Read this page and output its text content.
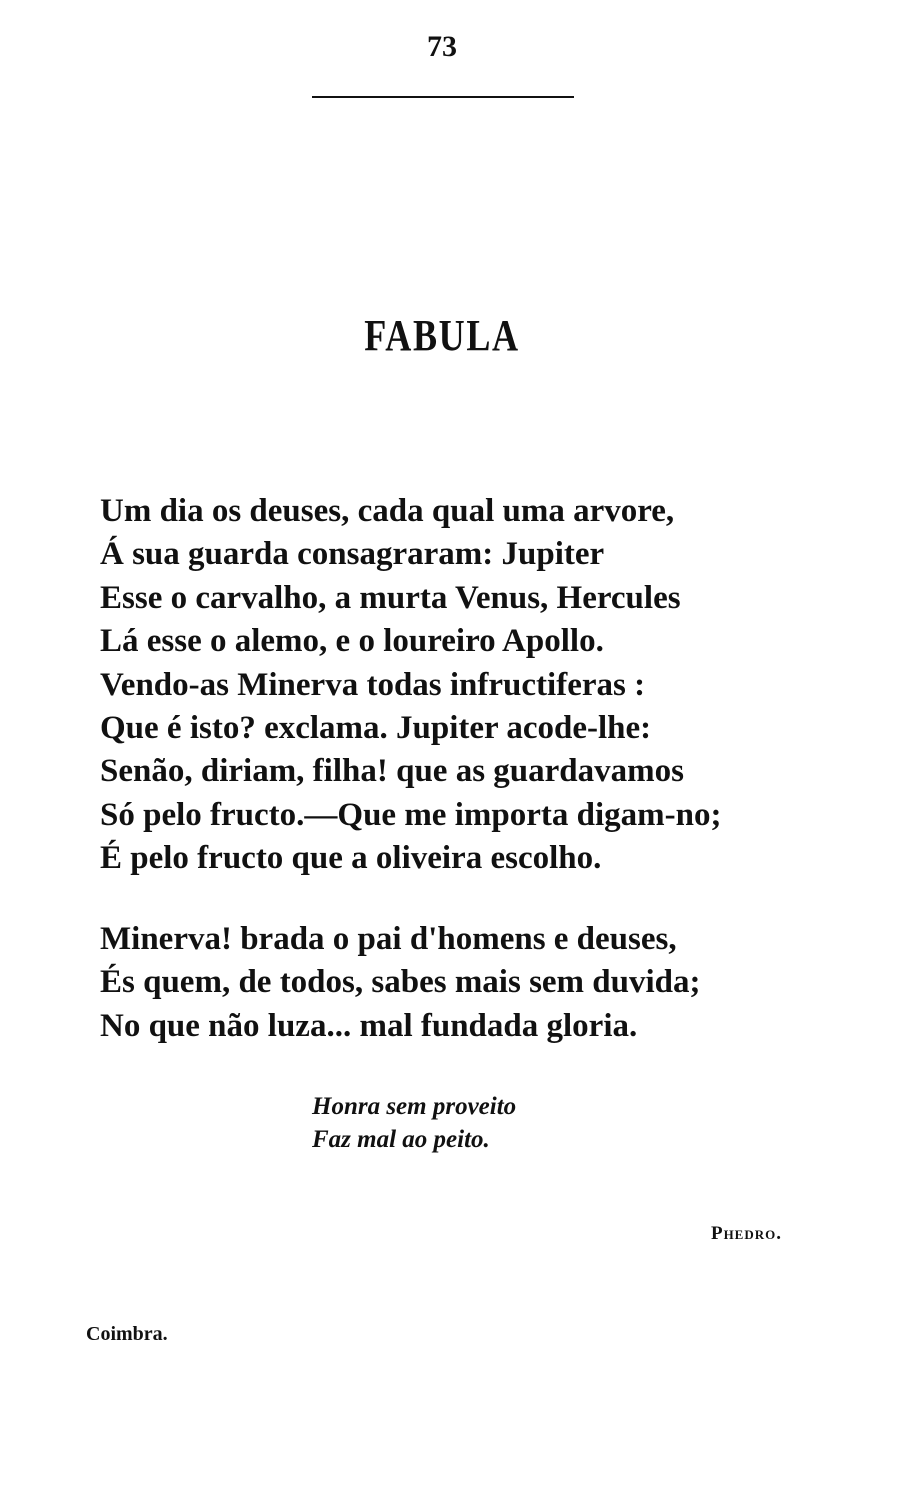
73
FABULA
Um dia os deuses, cada qual uma arvore,
Á sua guarda consagraram: Jupiter
Esse o carvalho, a murta Venus, Hercules
Lá esse o alemo, e o loureiro Apollo.
Vendo-as Minerva todas infructiferas :
Que é isto? exclama. Jupiter acode-lhe:
Senão, diriam, filha! que as guardavamos
Só pelo fructo.—Que me importa digam-no;
É pelo fructo que a oliveira escolho.
Minerva! brada o pai d'homens e deuses,
És quem, de todos, sabes mais sem duvida;
No que não luza... mal fundada gloria.
Honra sem proveito
Faz mal ao peito.
Phedro.
Coimbra.
